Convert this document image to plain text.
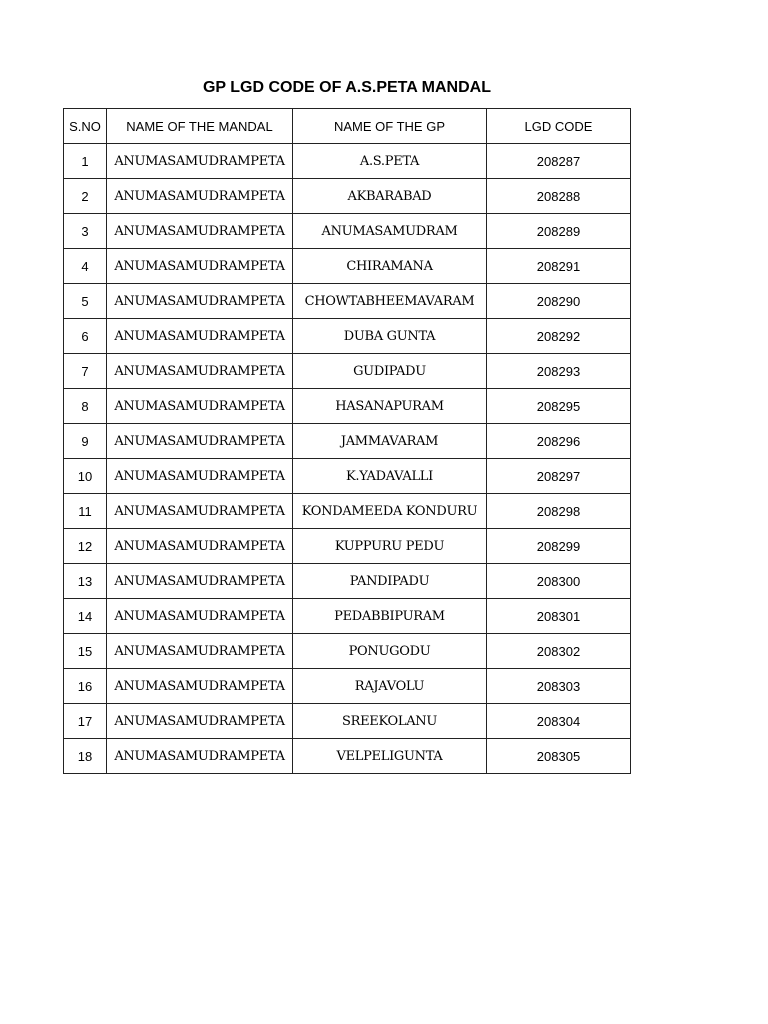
GP LGD CODE OF A.S.PETA MANDAL
S.NO	NAME OF THE MANDAL	NAME OF THE GP	LGD CODE
1	ANUMASAMUDRAMPETA	A.S.PETA	208287
2	ANUMASAMUDRAMPETA	AKBARABAD	208288
3	ANUMASAMUDRAMPETA	ANUMASAMUDRAM	208289
4	ANUMASAMUDRAMPETA	CHIRAMANA	208291
5	ANUMASAMUDRAMPETA	CHOWTABHEEMAVARAM	208290
6	ANUMASAMUDRAMPETA	DUBA GUNTA	208292
7	ANUMASAMUDRAMPETA	GUDIPADU	208293
8	ANUMASAMUDRAMPETA	HASANAPURAM	208295
9	ANUMASAMUDRAMPETA	JAMMAVARAM	208296
10	ANUMASAMUDRAMPETA	K.YADAVALLI	208297
11	ANUMASAMUDRAMPETA	KONDAMEEDA KONDURU	208298
12	ANUMASAMUDRAMPETA	KUPPURU PEDU	208299
13	ANUMASAMUDRAMPETA	PANDIPADU	208300
14	ANUMASAMUDRAMPETA	PEDABBIPURAM	208301
15	ANUMASAMUDRAMPETA	PONUGODU	208302
16	ANUMASAMUDRAMPETA	RAJAVOLU	208303
17	ANUMASAMUDRAMPETA	SREEKOLANU	208304
18	ANUMASAMUDRAMPETA	VELPELIGUNTA	208305
